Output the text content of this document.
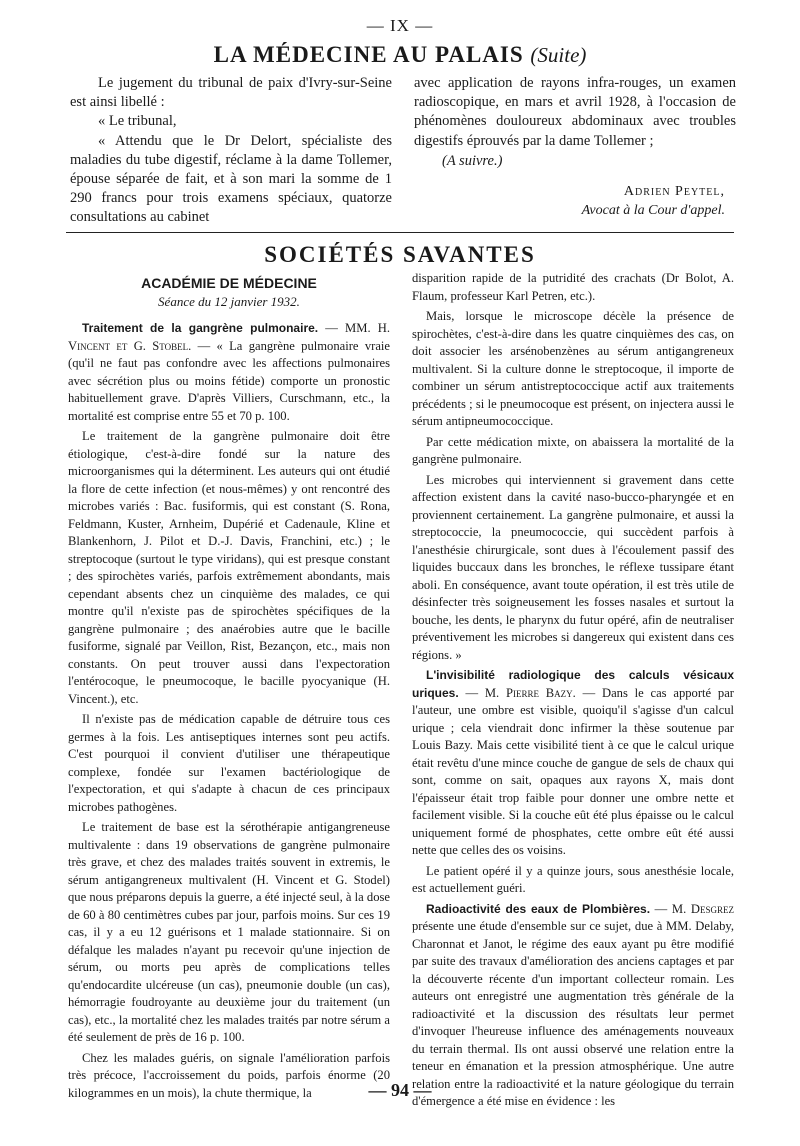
— IX —
LA MÉDECINE AU PALAIS (Suite)

Le jugement du tribunal de paix d'Ivry-sur-Seine est ainsi libellé :

« Le tribunal,

« Attendu que le Dr Delort, spécialiste des maladies du tube digestif, réclame à la dame Tollemer, épouse séparée de fait, et à son mari la somme de 1 290 francs pour trois examens spéciaux, quatorze consultations au cabinet

avec application de rayons infra-rouges, un examen radioscopique, en mars et avril 1928, à l'occasion de phénomènes douloureux abdominaux avec troubles digestifs éprouvés par la dame Tollemer ;

(A suivre.)

Adrien Peytel,
Avocat à la Cour d'appel.
SOCIÉTÉS SAVANTES
ACADÉMIE DE MÉDECINE
Séance du 12 janvier 1932.

Traitement de la gangrène pulmonaire. — MM. H. Vincent et G. Stobel. — « La gangrène pulmonaire vraie (qu'il ne faut pas confondre avec les affections pulmonaires avec sécrétion plus ou moins fétide) comporte un pronostic habituellement grave. D'après Villiers, Curschmann, etc., la mortalité est comprise entre 55 et 70 p. 100.

Le traitement de la gangrène pulmonaire doit être étiologique, c'est-à-dire fondé sur la nature des microorganismes qui la déterminent. Les auteurs qui ont étudié la flore de cette infection (et nous-mêmes) y ont rencontré des microbes variés : Bac. fusiformis, qui est constant (S. Rona, Feldmann, Kuster, Arnheim, Dupérié et Cadenaule, Kline et Blankenhorn, J. Pilot et D.-J. Davis, Franchini, etc.) ; le streptocoque (surtout le type viridans), qui est presque constant ; des spirochètes variés, parfois extrêmement abondants, mais cependant absents chez un cinquième des malades, ce qui montre qu'il n'existe pas de spirochètes spécifiques de la gangrène pulmonaire ; des anaérobies autre que le bacille fusiforme, signalé par Veillon, Rist, Bezançon, etc., mais non constants. On peut trouver aussi dans l'expectoration l'entérocoque, le pneumocoque, le bacille pyocyanique (H. Vincent.), etc.

Il n'existe pas de médication capable de détruire tous ces germes à la fois. Les antiseptiques internes sont peu actifs. C'est pourquoi il convient d'utiliser une thérapeutique complexe, fondée sur l'examen bactériologique de l'expectoration, et qui s'adapte à chacun de ces principaux microbes pathogènes.

Le traitement de base est la sérothérapie antigangreneuse multivalente : dans 19 observations de gangrène pulmonaire très grave, et chez des malades traités souvent in extremis, le sérum antigangreneux multivalent (H. Vincent et G. Stodel) que nous préparons depuis la guerre, a été injecté seul, à la dose de 60 à 80 centimètres cubes par jour, parfois moins. Sur ces 19 cas, il y a eu 12 guérisons et 1 malade stationnaire. Si on défalque les malades n'ayant pu recevoir qu'une injection de sérum, ou morts peu après de complications telles qu'endocardite ulcéreuse (un cas), pneumonie double (un cas), hémorragie foudroyante au deuxième jour du traitement (un cas), etc., la mortalité chez les malades traités par notre sérum a été seulement de près de 16 p. 100.

Chez les malades guéris, on signale l'amélioration parfois très précoce, l'accroissement du poids, parfois énorme (20 kilogrammes en un mois), la chute thermique, la

disparition rapide de la putridité des crachats (Dr Bolot, A. Flaum, professeur Karl Petren, etc.).

Mais, lorsque le microscope décèle la présence de spirochètes, c'est-à-dire dans les quatre cinquièmes des cas, on doit associer les arsénobenzènes au sérum antigangreneux multivalent. Si la culture donne le streptocoque, il importe de combiner un sérum antistreptococcique actif aux traitements précédents ; si le pneumocoque est présent, on injectera aussi le sérum antipneumococcique.

Par cette médication mixte, on abaissera la mortalité de la gangrène pulmonaire.

Les microbes qui interviennent si gravement dans cette affection existent dans la cavité naso-bucco-pharyngée et en proviennent certainement. La gangrène pulmonaire, et aussi la streptococcie, la pneumococcie, qui succèdent parfois à l'anesthésie chirurgicale, sont dues à l'écoulement passif des liquides buccaux dans les bronches, le réflexe tussipare étant aboli. En conséquence, avant toute opération, il est très utile de désinfecter très soigneusement les fosses nasales et surtout la bouche, les dents, le pharynx du futur opéré, afin de neutraliser préventivement les microbes si dangereux qui existent dans ces régions. »

L'invisibilité radiologique des calculs vésicaux uriques. — M. Pierre Bazy. — Dans le cas apporté par l'auteur, une ombre est visible, quoiqu'il s'agisse d'un calcul urique ; cela viendrait donc infirmer la thèse soutenue par Louis Bazy. Mais cette visibilité tient à ce que le calcul urique était revêtu d'une mince couche de gangue de sels de chaux qui sont, comme on sait, opaques aux rayons X, mais dont l'épaisseur était trop faible pour donner une ombre nette et facilement visible. Si la couche eût été plus épaisse ou le calcul uniquement formé de phosphates, cette ombre eût été aussi nette que celles des os voisins.

Le patient opéré il y a quinze jours, sous anesthésie locale, est actuellement guéri.

Radioactivité des eaux de Plombières. — M. Desgrez présente une étude d'ensemble sur ce sujet, due à MM. Delaby, Charonnat et Janot, le régime des eaux ayant pu être modifié par suite des travaux d'amélioration des anciens captages et par la découverte récente d'un important collecteur romain. Les auteurs ont enregistré une augmentation très générale de la radioactivité et la discussion des résultats leur permet d'invoquer l'heureuse influence des aménagements nouveaux du terrain thermal. Ils ont aussi observé une relation entre la teneur en émanation et la pression atmosphérique. Une autre relation entre la radioactivité et la nature géologique du terrain d'émergence a été mise en évidence : les

— 94 —
